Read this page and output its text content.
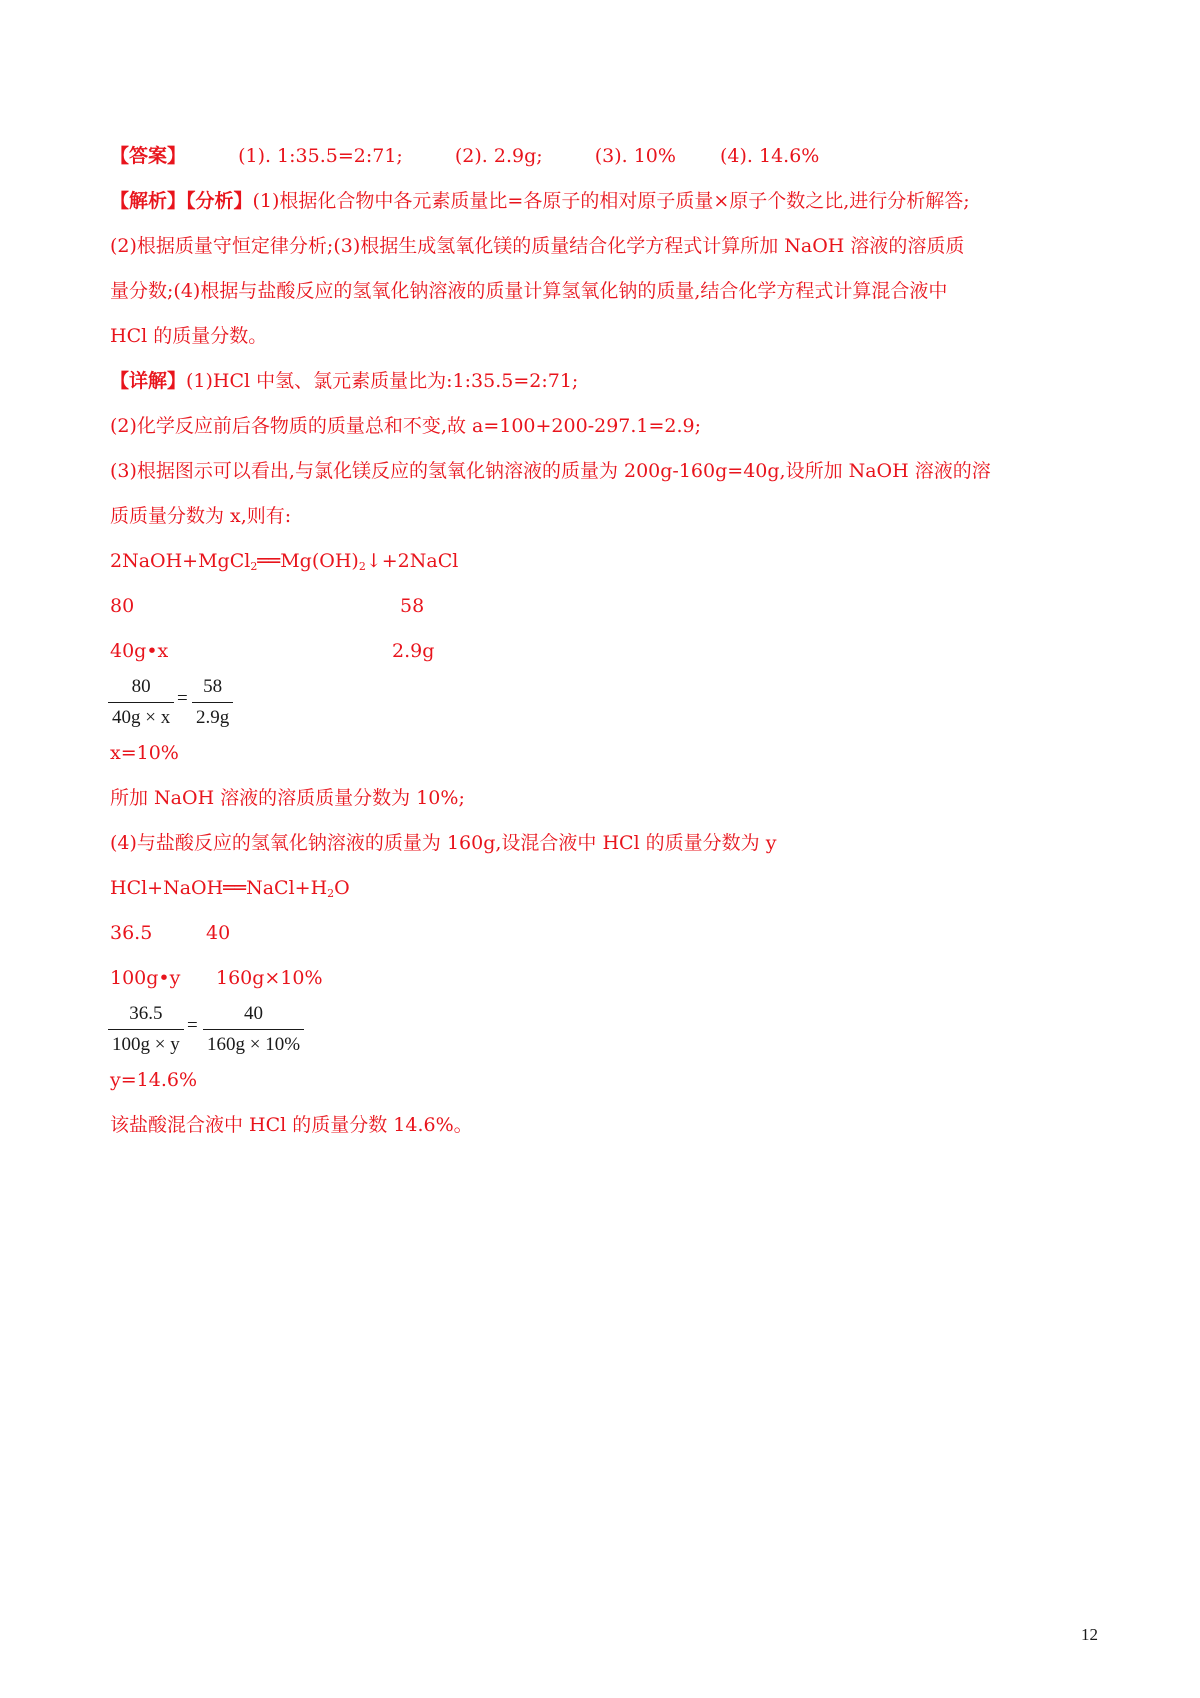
【答案】	(1). 1:35.5=2:71;	(2). 2.9g;	(3). 10% (4). 14.6%
【解析】【分析】(1)根据化合物中各元素质量比=各原子的相对原子质量×原子个数之比,进行分析解答;
(2)根据质量守恒定律分析;(3)根据生成氢氧化镁的质量结合化学方程式计算所加 NaOH 溶液的溶质质
量分数;(4)根据与盐酸反应的氢氧化钠溶液的质量计算氢氧化钠的质量,结合化学方程式计算混合液中
HCl 的质量分数。
【详解】(1)HCl 中氢、氯元素质量比为:1:35.5=2:71;
(2)化学反应前后各物质的质量总和不变,故 a=100+200-297.1=2.9;
(3)根据图示可以看出,与氯化镁反应的氢氧化钠溶液的质量为 200g-160g=40g,设所加 NaOH 溶液的溶
质质量分数为 x,则有:
$2NaOH+MgCl_2══Mg(OH)_2↓+2NaCl$
80	58
40g•x	2.9g
$\frac{80}{40g \times x} = \frac{58}{2.9g}$
x=10%
所加 NaOH 溶液的溶质质量分数为 10%;
(4)与盐酸反应的氢氧化钠溶液的质量为 160g,设混合液中 HCl 的质量分数为 y
$HCl+NaOH══NaCl+H_2O$
36.5	40
100g•y 160g×10%
$\frac{36.5}{100g \times y} = \frac{40}{160g \times 10\%}$
y=14.6%
该盐酸混合液中 HCl 的质量分数 14.6%。
12
